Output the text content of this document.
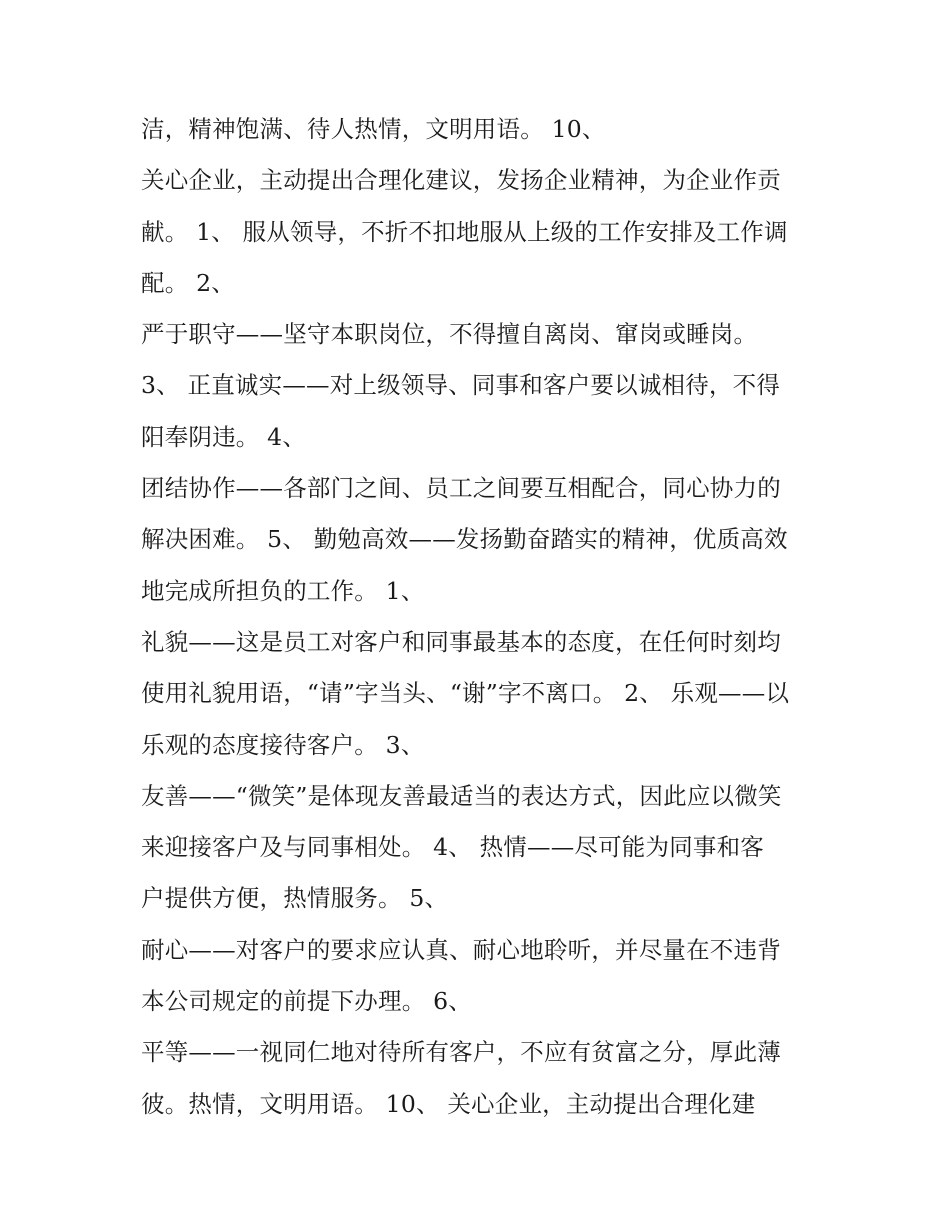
洁，精神饱满、待人热情，文明用语。 10、
关心企业，主动提出合理化建议，发扬企业精神，为企业作贡
献。 1、 服从领导，不折不扣地服从上级的工作安排及工作调
配。 2、
严于职守——坚守本职岗位，不得擅自离岗、窜岗或睡岗。
3、 正直诚实——对上级领导、同事和客户要以诚相待，不得
阳奉阴违。 4、
团结协作——各部门之间、员工之间要互相配合，同心协力的
解决困难。 5、 勤勉高效——发扬勤奋踏实的精神，优质高效
地完成所担负的工作。 1、
礼貌——这是员工对客户和同事最基本的态度，在任何时刻均
使用礼貌用语，“请”字当头、“谢”字不离口。 2、 乐观——以
乐观的态度接待客户。 3、
友善——“微笑”是体现友善最适当的表达方式，因此应以微笑
来迎接客户及与同事相处。 4、 热情——尽可能为同事和客
户提供方便，热情服务。 5、
耐心——对客户的要求应认真、耐心地聆听，并尽量在不违背
本公司规定的前提下办理。 6、
平等——一视同仁地对待所有客户，不应有贫富之分，厚此薄
彼。热情，文明用语。 10、 关心企业，主动提出合理化建
